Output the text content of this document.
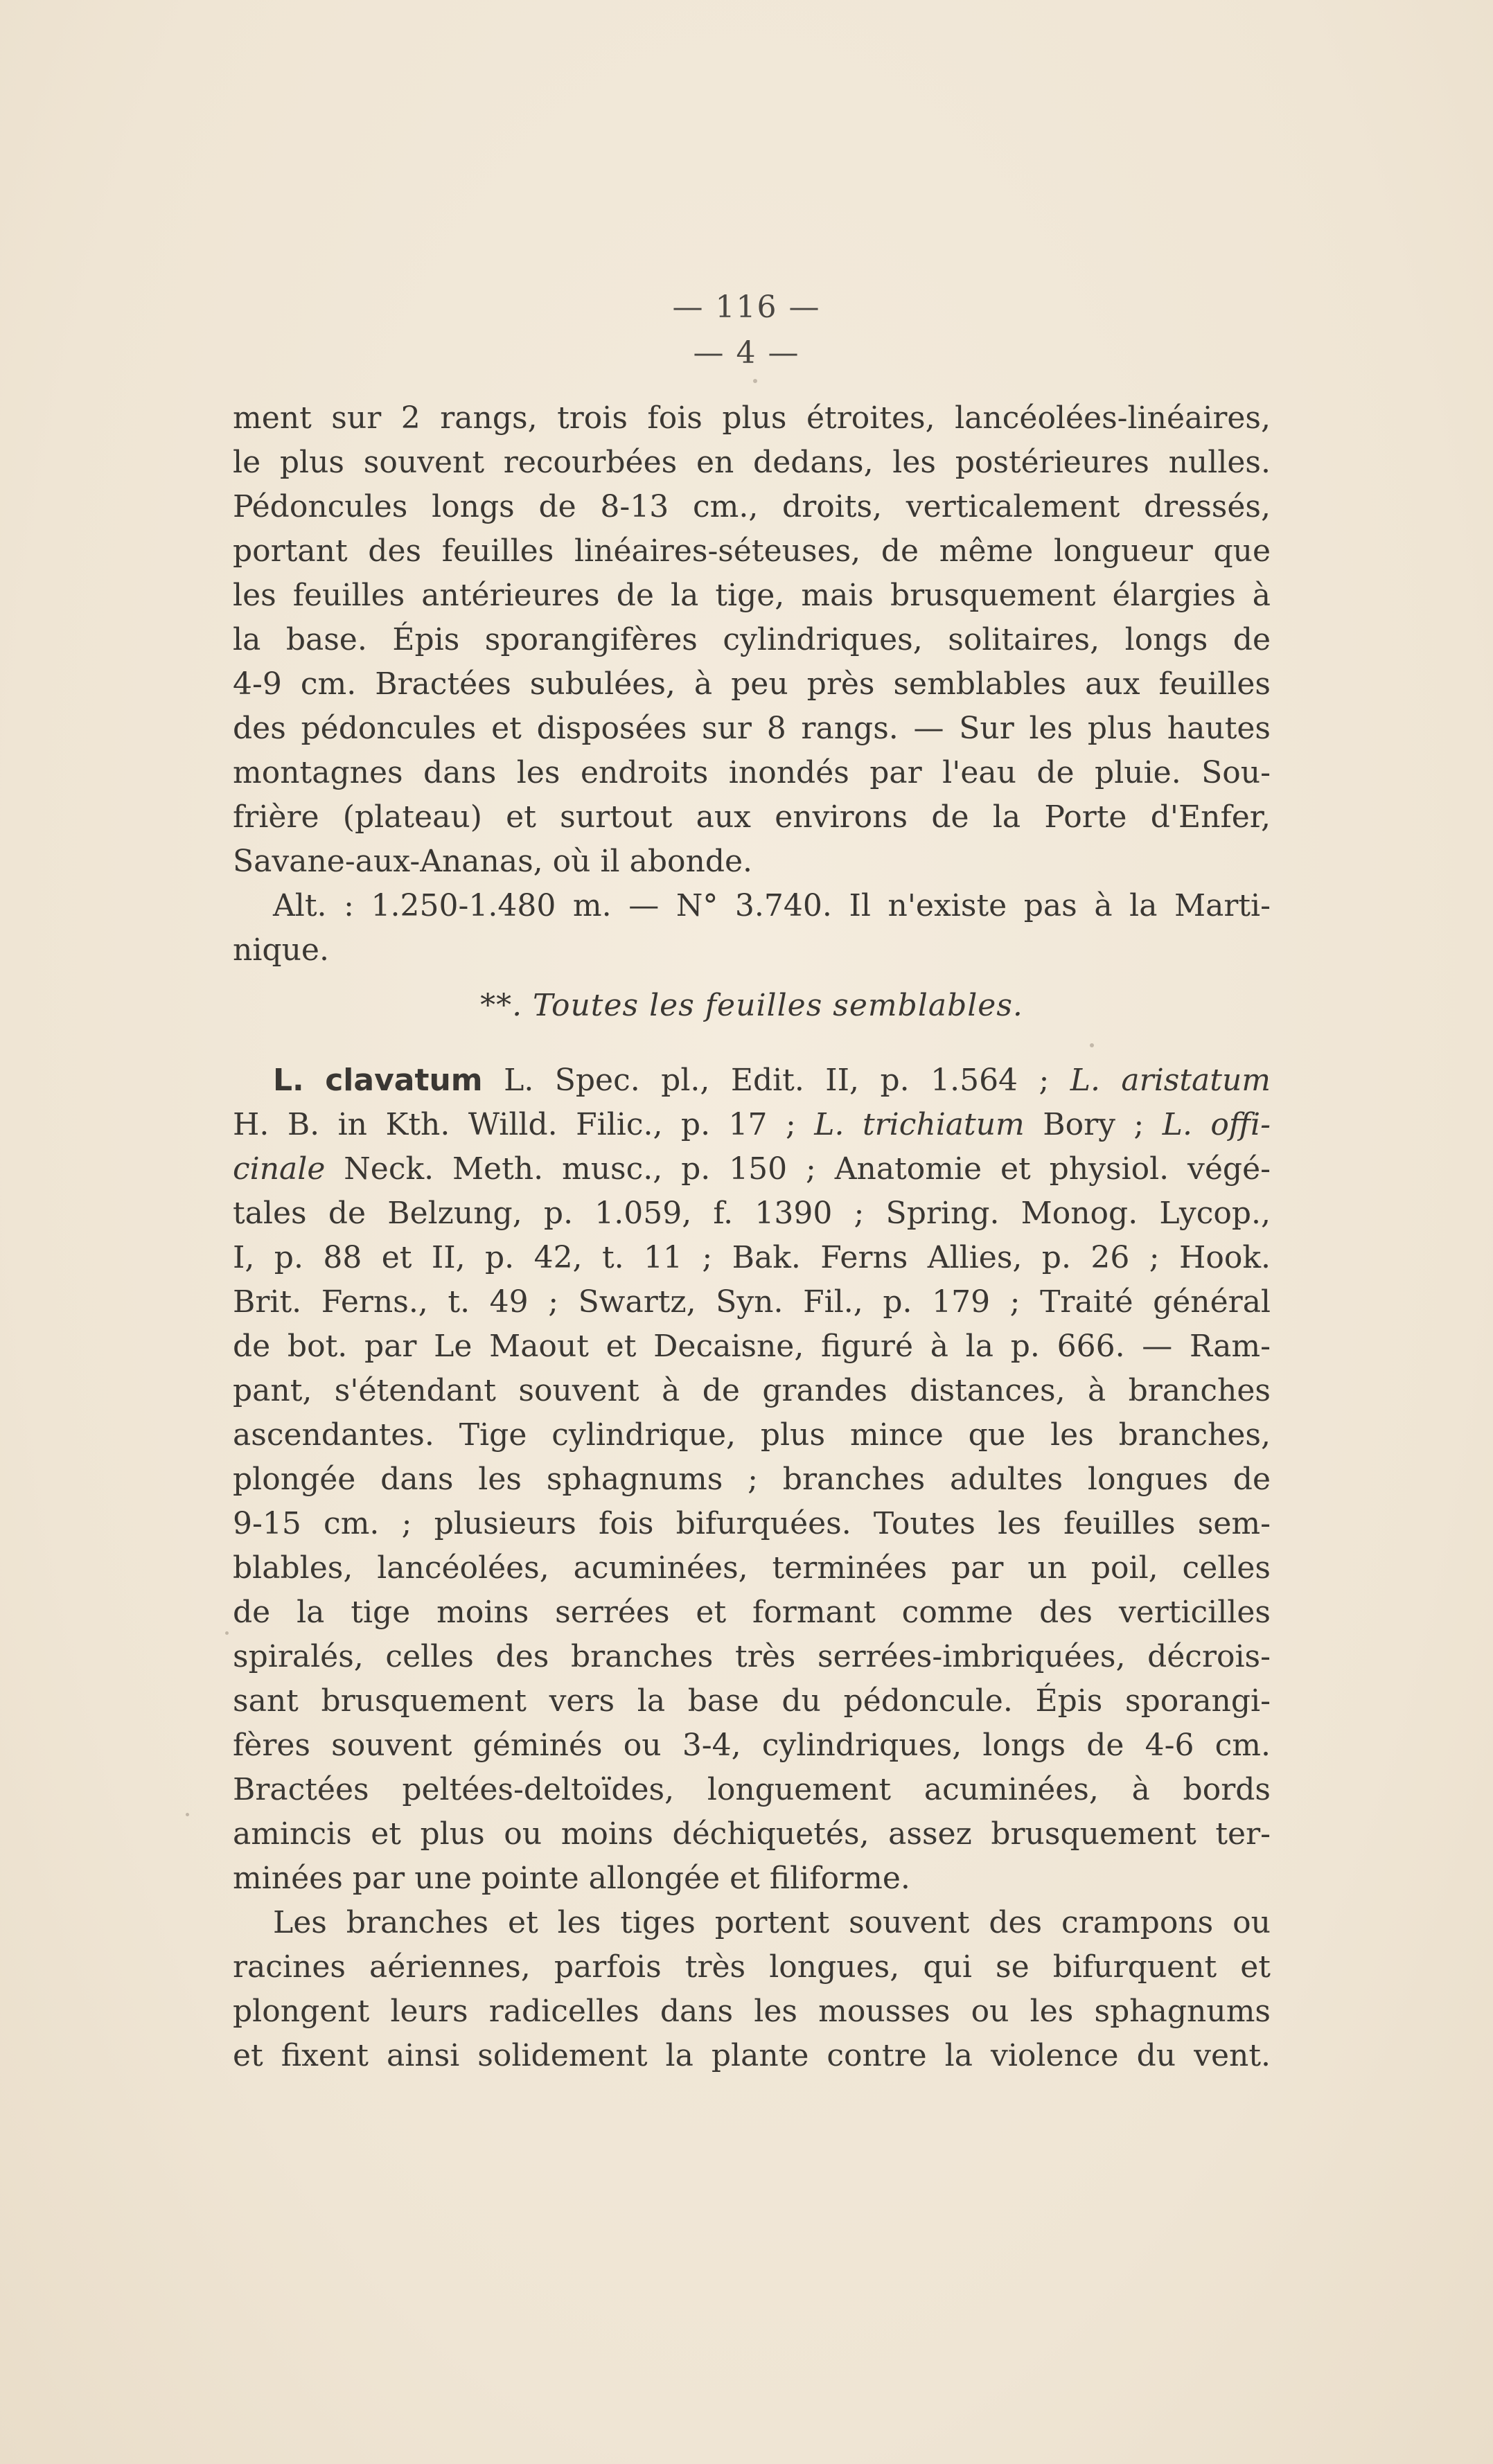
— 116 —
— 4 —
ment sur 2 rangs, trois fois plus étroites, lancéolées-linéaires,
le plus souvent recourbées en dedans, les postérieures nulles.
Pédoncules longs de 8-13 cm., droits, verticalement dressés,
portant des feuilles linéaires-séteuses, de même longueur que
les feuilles antérieures de la tige, mais brusquement élargies à
la base. Épis sporangifères cylindriques, solitaires, longs de
4-9 cm. Bractées subulées, à peu près semblables aux feuilles
des pédoncules et disposées sur 8 rangs. — Sur les plus hautes
montagnes dans les endroits inondés par l'eau de pluie. Sou-
frière (plateau) et surtout aux environs de la Porte d'Enfer,
Savane-aux-Ananas, où il abonde.
Alt. : 1.250-1.480 m. — N° 3.740. Il n'existe pas à la Marti-
nique.
**. Toutes les feuilles semblables.
L. clavatum L. Spec. pl., Edit. II, p. 1.564 ; L. aristatum
H. B. in Kth. Willd. Filic., p. 17 ; L. trichiatum Bory ; L. offi-
cinale Neck. Meth. musc., p. 150 ; Anatomie et physiol. végé-
tales de Belzung, p. 1.059, f. 1390 ; Spring. Monog. Lycop.,
I, p. 88 et II, p. 42, t. 11 ; Bak. Ferns Allies, p. 26 ; Hook.
Brit. Ferns., t. 49 ; Swartz, Syn. Fil., p. 179 ; Traité général
de bot. par Le Maout et Decaisne, figuré à la p. 666. — Ram-
pant, s'étendant souvent à de grandes distances, à branches
ascendantes. Tige cylindrique, plus mince que les branches,
plongée dans les sphagnums ; branches adultes longues de
9-15 cm. ; plusieurs fois bifurquées. Toutes les feuilles sem-
blables, lancéolées, acuminées, terminées par un poil, celles
de la tige moins serrées et formant comme des verticilles
spiralés, celles des branches très serrées-imbriquées, décrois-
sant brusquement vers la base du pédoncule. Épis sporangi-
fères souvent géminés ou 3-4, cylindriques, longs de 4-6 cm.
Bractées peltées-deltoïdes, longuement acuminées, à bords
amincis et plus ou moins déchiquetés, assez brusquement ter-
minées par une pointe allongée et filiforme.
Les branches et les tiges portent souvent des crampons ou
racines aériennes, parfois très longues, qui se bifurquent et
plongent leurs radicelles dans les mousses ou les sphagnums
et fixent ainsi solidement la plante contre la violence du vent.
